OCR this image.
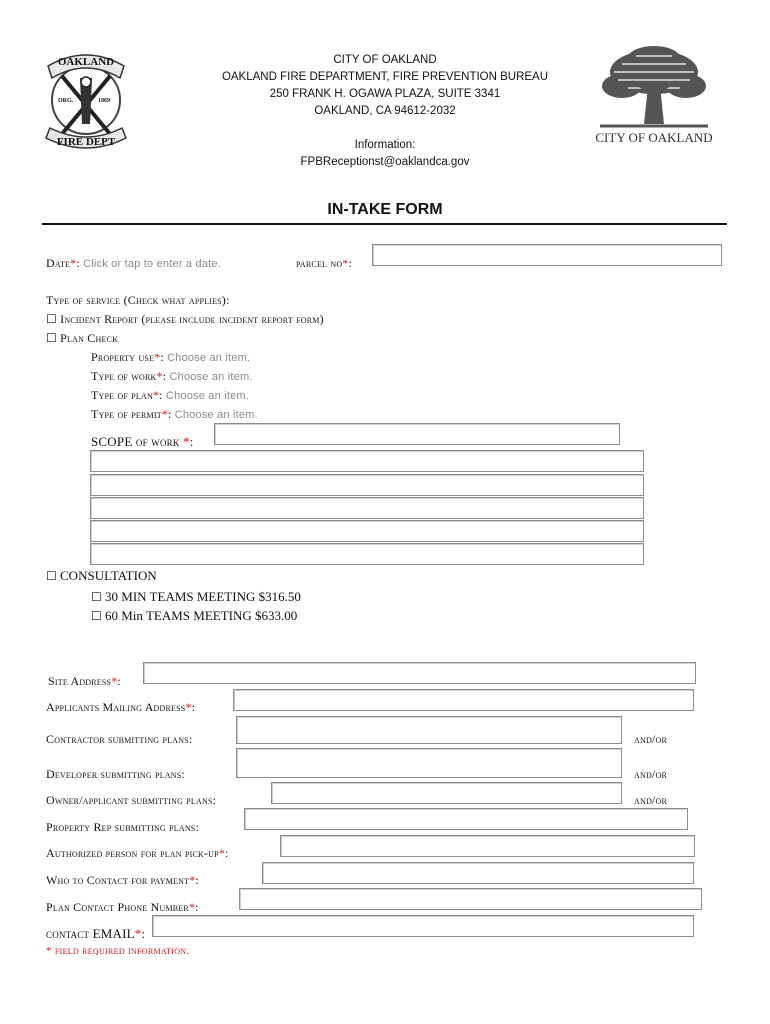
OAKLAND
ORG.	1869
FIRE DEPT
CITY OF OAKLAND
OAKLAND FIRE DEPARTMENT, FIRE PREVENTION BUREAU
250 FRANK H. OGAWA PLAZA, SUITE 3341
OAKLAND, CA 94612-2032
Information:
FPBReceptionst@oaklandca.gov
CITY OF OAKLAND
IN-TAKE FORM
Date*: Click or tap to enter a date.	parcel no*:
Type of service (Check what applies):
☐ Incident Report (please include incident report form)
☐ Plan Check
Property use*: Choose an item.
Type of work*: Choose an item.
Type of plan*: Choose an item.
Type of permit*: Choose an item.
SCOPE of work *:
☐ CONSULTATION
☐ 30 MIN TEAMS MEETING $316.50
☐ 60 Min TEAMS MEETING $633.00
Site Address*:
Applicants Mailing Address*:
Contractor submitting plans:	and/or
Developer submitting plans:	and/or
Owner/applicant submitting plans:	and/or
Property Rep submitting plans:
Authorized person for plan pick-up*:
Who to Contact for payment*:
Plan Contact Phone Number*:
contact EMAIL*:
* field required information.
